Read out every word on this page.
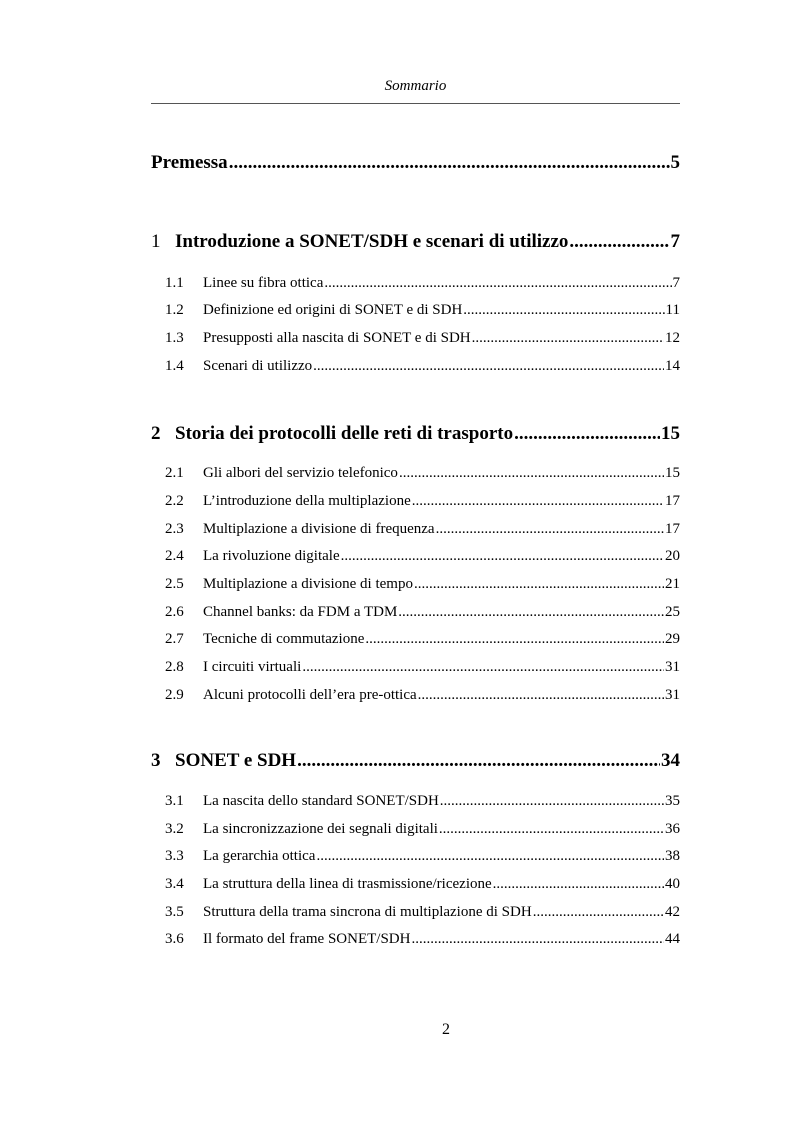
Sommario
Premessa .....	5
1 Introduzione a SONET/SDH e scenari di utilizzo .....	7
1.1	Linee su fibra ottica .....	7
1.2	Definizione ed origini di SONET e di SDH .....	11
1.3	Presupposti alla nascita di SONET e di SDH .....	12
1.4	Scenari di utilizzo .....	14
2 Storia dei protocolli delle reti di trasporto .....	15
2.1	Gli albori del servizio telefonico .....	15
2.2	L’introduzione della multiplazione .....	17
2.3	Multiplazione a divisione di frequenza .....	17
2.4	La rivoluzione digitale .....	20
2.5	Multiplazione a divisione di tempo .....	21
2.6	Channel banks: da FDM a TDM .....	25
2.7	Tecniche di commutazione .....	29
2.8	I circuiti virtuali .....	31
2.9	Alcuni protocolli dell’era pre-ottica .....	31
3 SONET e SDH .....	34
3.1	La nascita dello standard SONET/SDH .....	35
3.2	La sincronizzazione dei segnali digitali .....	36
3.3	La gerarchia ottica .....	38
3.4	La struttura della linea di trasmissione/ricezione .....	40
3.5	Struttura della trama sincrona di multiplazione di SDH .....	42
3.6	Il formato del frame SONET/SDH .....	44
2
